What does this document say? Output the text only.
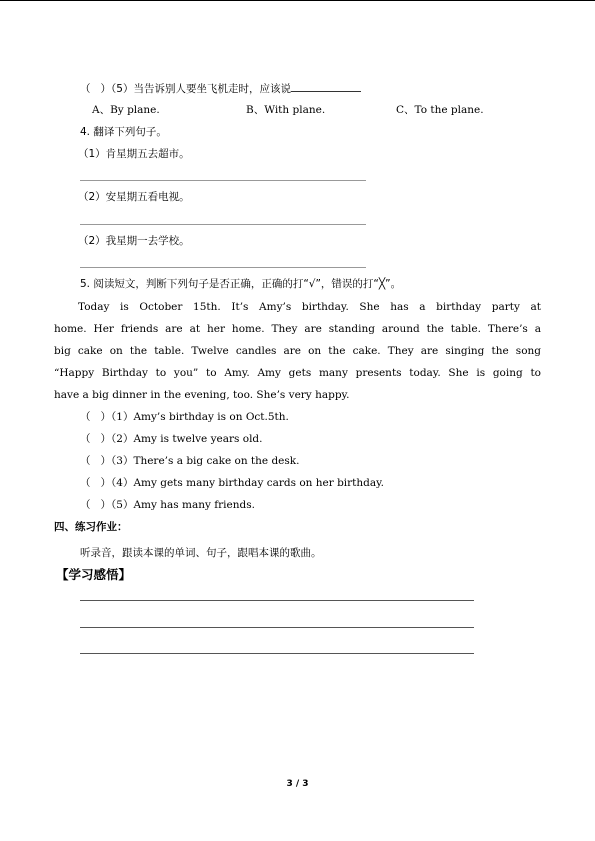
（   ）（5）当告诉别人要坐飞机走时，应该说
A、By plane.	B、With plane.	C、To the plane.
4. 翻译下列句子。
（1）肯星期五去超市。
（2）安星期五看电视。
（2）我星期一去学校。
5. 阅读短文，判断下列句子是否正确，正确的打“√”，错误的打“╳”。
Today is October 15th. It’s Amy’s birthday. She has a birthday party at
home. Her friends are at her home. They are standing around the table. There’s a
big cake on the table. Twelve candles are on the cake. They are singing the song
“Happy Birthday to you” to Amy. Amy gets many presents today. She is going to
have a big dinner in the evening, too. She’s very happy.
（   ）（1）Amy’s birthday is on Oct.5th.
（   ）（2）Amy is twelve years old.
（   ）（3）There’s a big cake on the desk.
（   ）（4）Amy gets many birthday cards on her birthday.
（   ）（5）Amy has many friends.
四、练习作业：
听录音，跟读本课的单词、句子，跟唱本课的歌曲。
【学习感悟】
3 / 3
